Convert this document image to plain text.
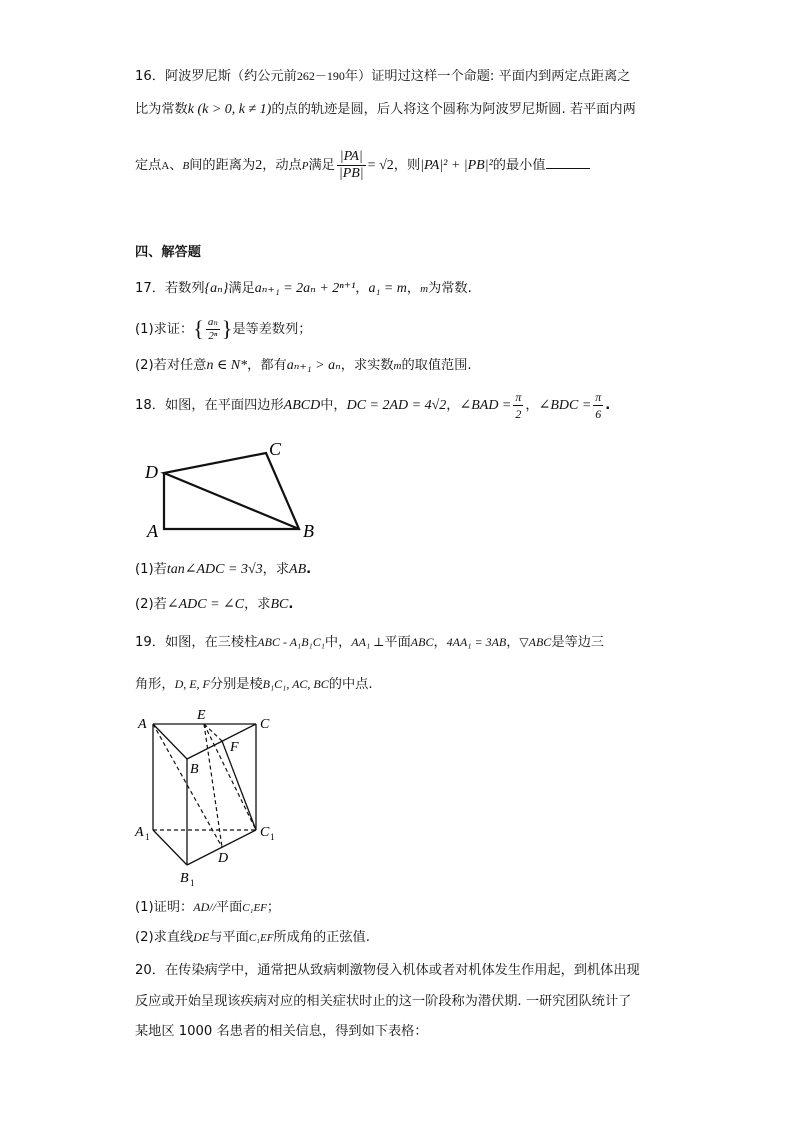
16．阿波罗尼斯（约公元前262－190年）证明过这样一个命题: 平面内到两定点距离之
比为常数k (k > 0, k ≠ 1)的点的轨迹是圆，后人将这个圆称为阿波罗尼斯圆. 若平面内两
定点A、B间的距离为2，动点P满足 $\frac{|PA|}{|PB|} = √2$，则|PA|² + |PB|²的最小值
四、解答题
17．若数列{aₙ}满足aₙ₊₁ = 2aₙ + 2ⁿ⁺¹，a₁ = m，m为常数.
(1)求证：{ $\frac{\text{aₙ}}{\text{2ⁿ}}$ }是等差数列；
(2)若对任意n ∈ N*，都有aₙ₊₁ > aₙ，求实数m的取值范围.
18．如图，在平面四边形ABCD中，DC = 2AD = 4√2，∠BAD = $\frac{\pi}{2}$ ，∠BDC = $\frac{\pi}{6}$ .
D
C
A	B
(1)若tan∠ADC = 3√3，求AB.
(2)若∠ADC = ∠C，求BC.
19．如图，在三棱柱ABC - A₁B₁C₁中，AA₁ ⊥平面ABC，4AA₁ = 3AB，▽ABC是等边三
角形，D, E, F分别是棱B₁C₁, AC, BC的中点.
A
E
C
F
B
A 1	C 1
D
B 1
(1)证明：AD//平面C₁EF；
(2)求直线DE与平面C₁EF所成角的正弦值.
20．在传染病学中，通常把从致病刺激物侵入机体或者对机体发生作用起，到机体出现
反应或开始呈现该疾病对应的相关症状时止的这一阶段称为潜伏期. 一研究团队统计了
某地区 1000 名患者的相关信息，得到如下表格：
